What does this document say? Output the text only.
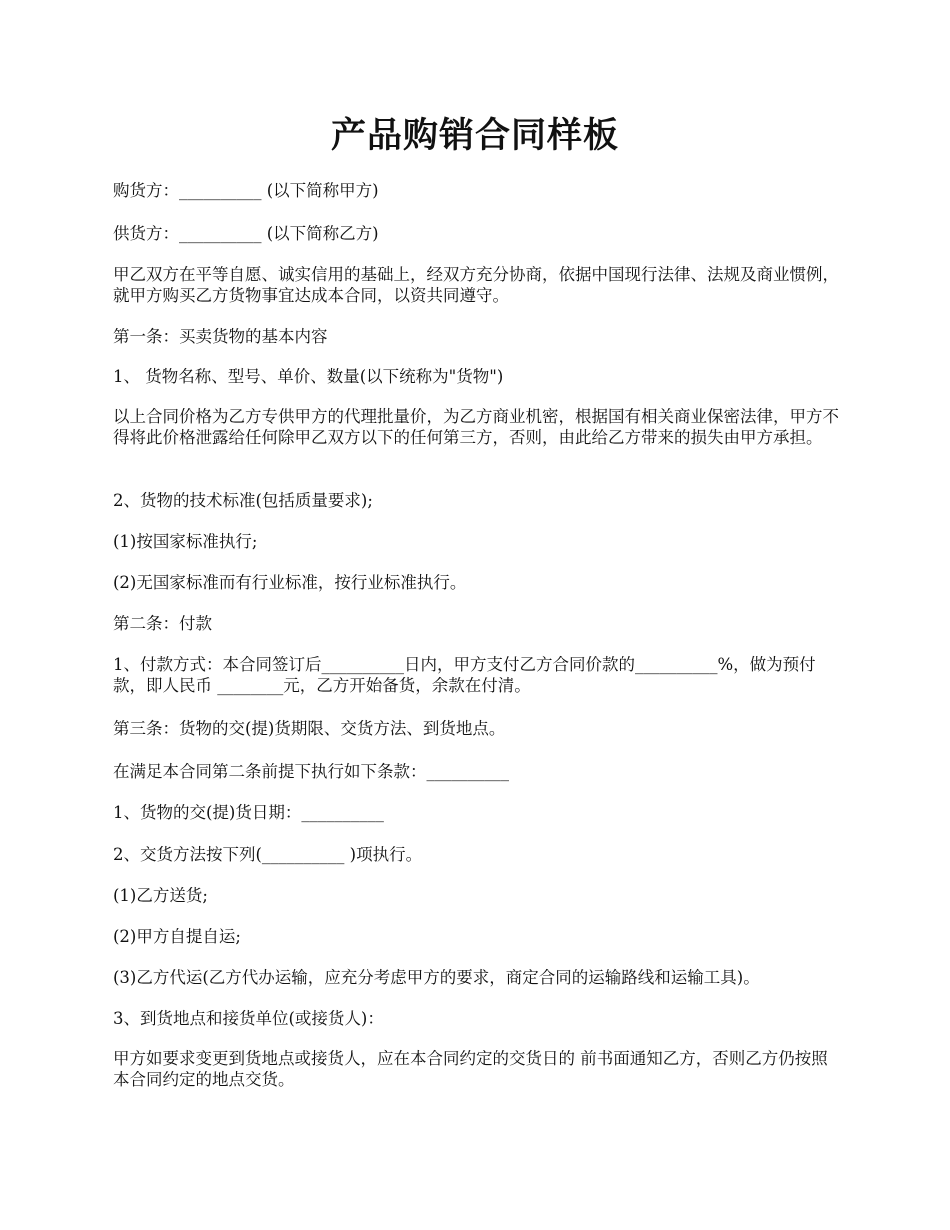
产品购销合同样板

购货方：__________ (以下简称甲方)

供货方：__________ (以下简称乙方)

甲乙双方在平等自愿、诚实信用的基础上，经双方充分协商，依据中国现行法律、法规及商业惯例，就甲方购买乙方货物事宜达成本合同，以资共同遵守。

第一条：买卖货物的基本内容

1、 货物名称、型号、单价、数量(以下统称为"货物")

以上合同价格为乙方专供甲方的代理批量价，为乙方商业机密，根据国有相关商业保密法律，甲方不得将此价格泄露给任何除甲乙双方以下的任何第三方，否则，由此给乙方带来的损失由甲方承担。

2、货物的技术标准(包括质量要求);

(1)按国家标准执行;

(2)无国家标准而有行业标准，按行业标准执行。

第二条：付款

1、付款方式：本合同签订后__________日内，甲方支付乙方合同价款的__________%，做为预付款，即人民币 ________元，乙方开始备货，余款在付清。

第三条：货物的交(提)货期限、交货方法、到货地点。

在满足本合同第二条前提下执行如下条款：__________

1、货物的交(提)货日期：__________

2、交货方法按下列(__________ )项执行。

(1)乙方送货;

(2)甲方自提自运;

(3)乙方代运(乙方代办运输，应充分考虑甲方的要求，商定合同的运输路线和运输工具)。

3、到货地点和接货单位(或接货人)：

甲方如要求变更到货地点或接货人，应在本合同约定的交货日的 前书面通知乙方，否则乙方仍按照本合同约定的地点交货。
